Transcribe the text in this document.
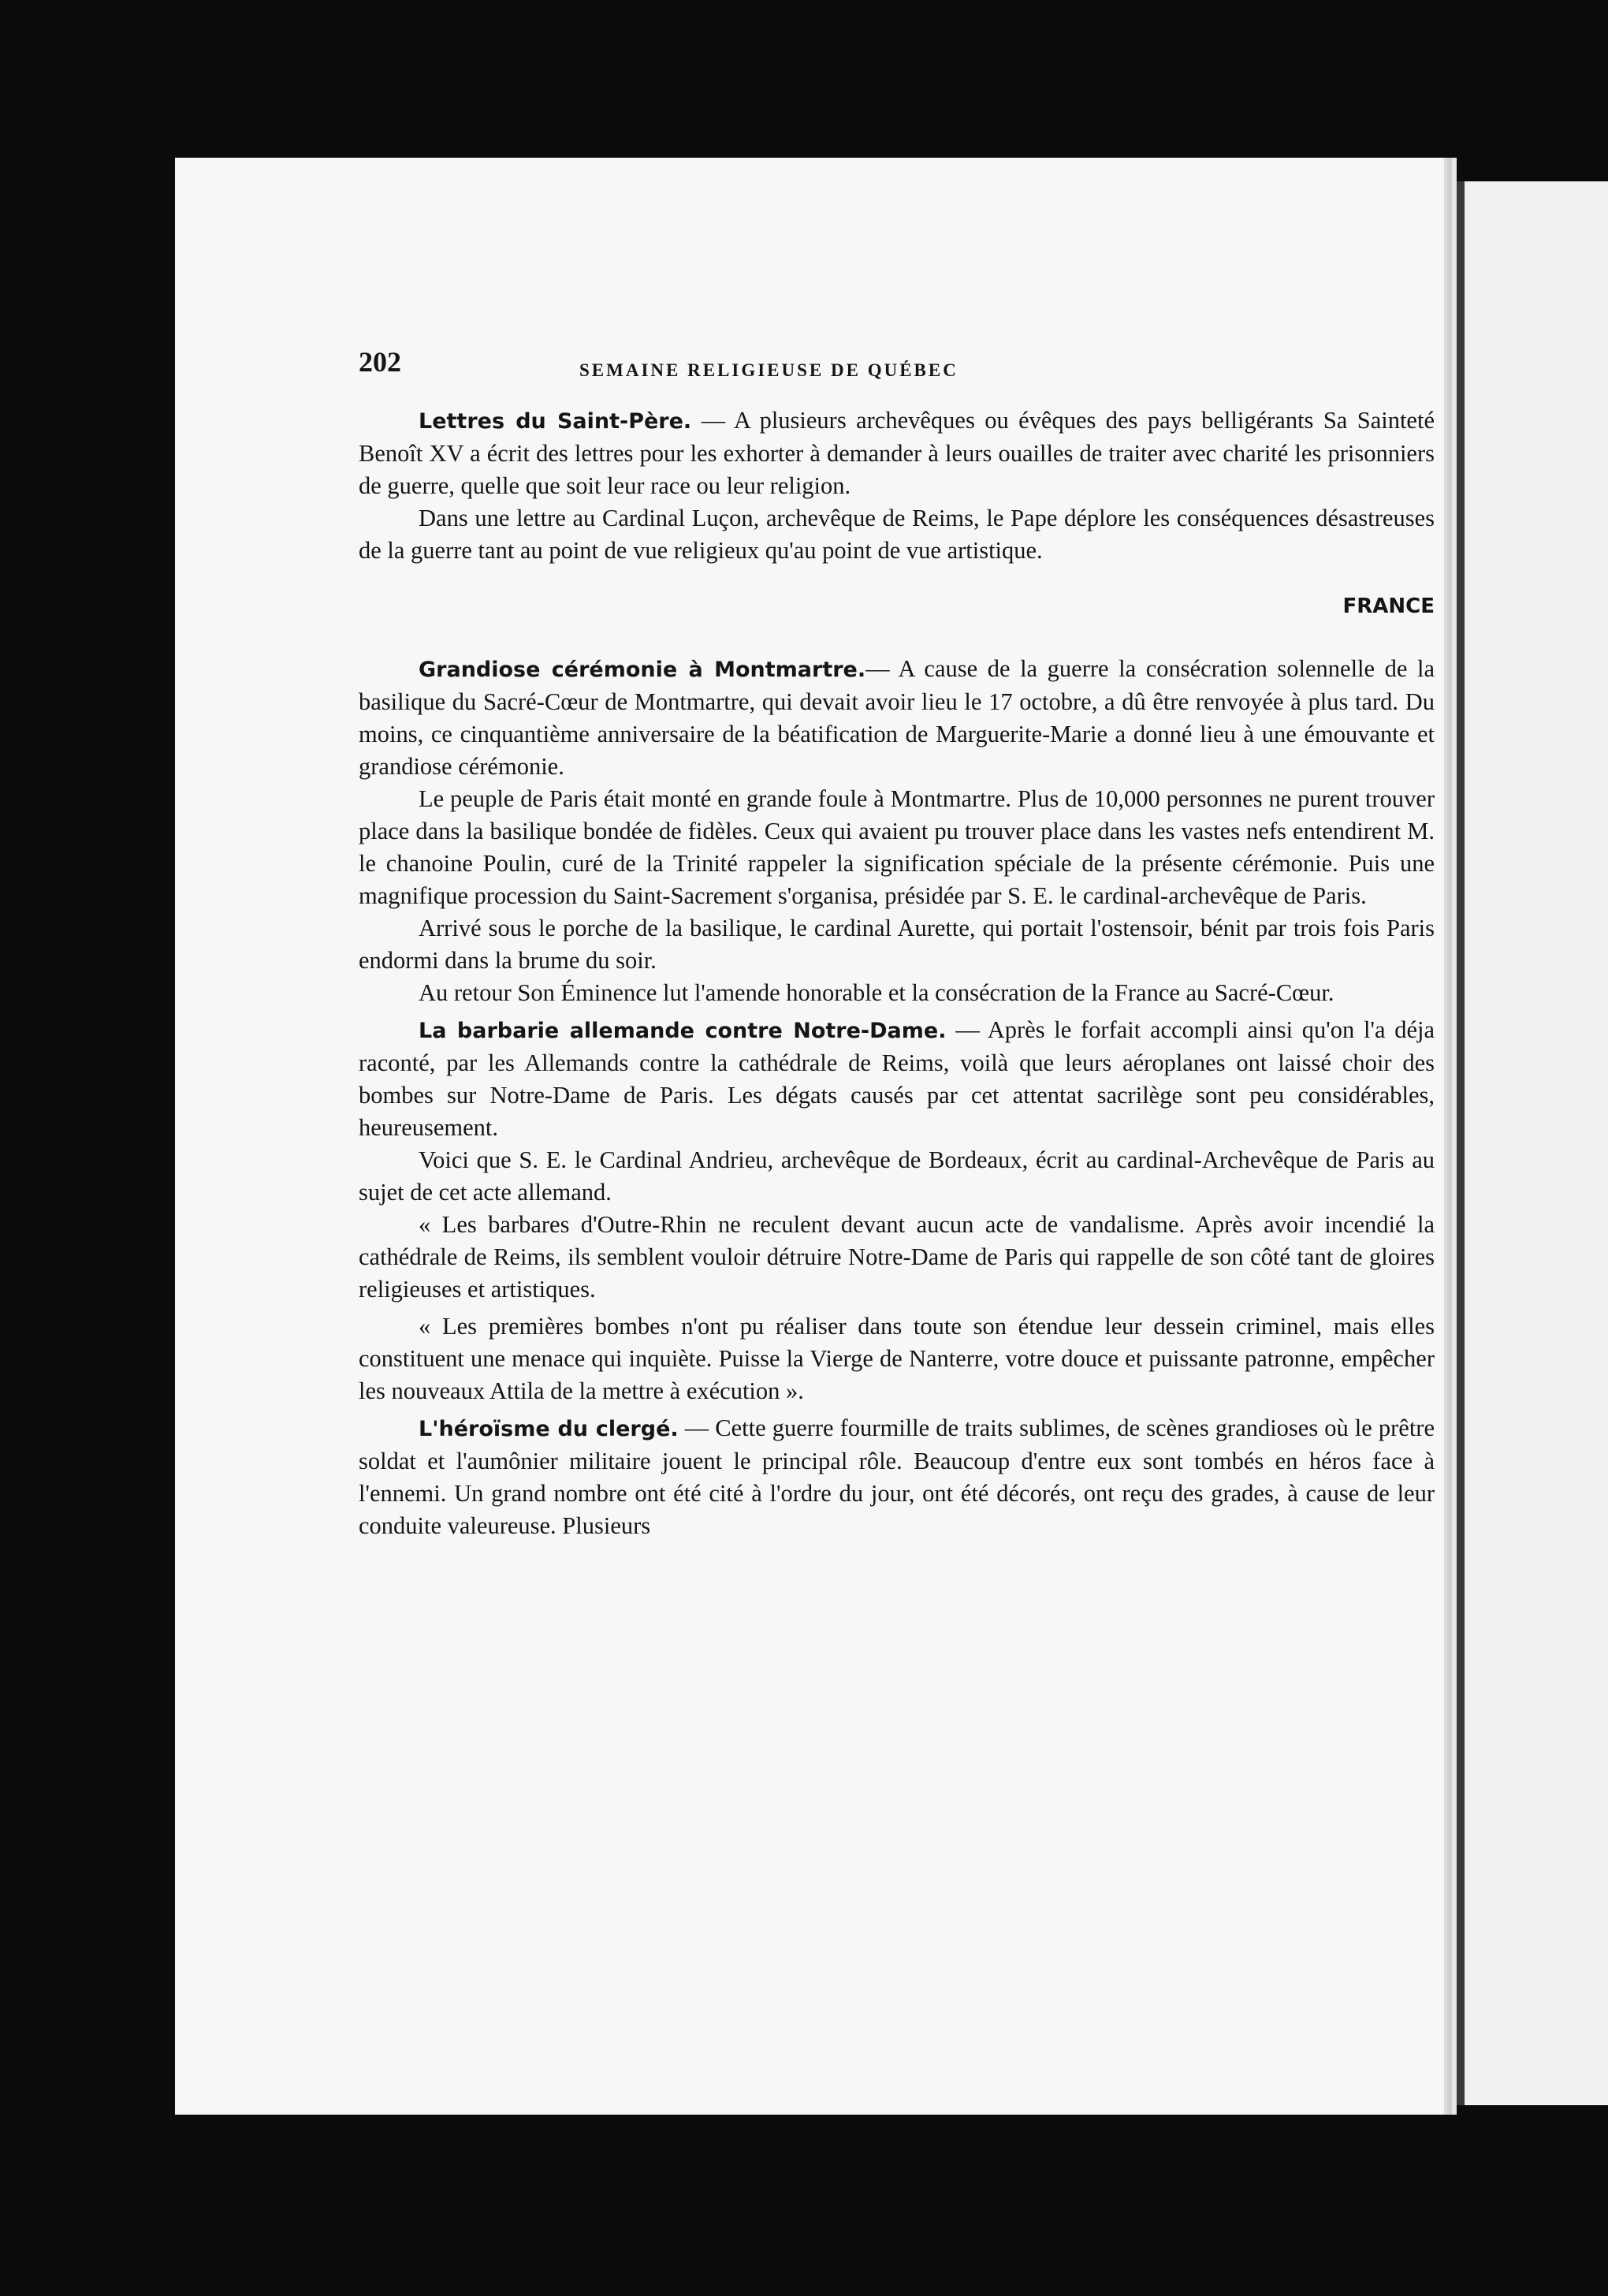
202	SEMAINE RELIGIEUSE DE QUÉBEC

Lettres du Saint-Père. — A plusieurs archevêques ou évêques des pays belligérants Sa Sainteté Benoît XV a écrit des lettres pour les exhorter à demander à leurs ouailles de traiter avec charité les prisonniers de guerre, quelle que soit leur race ou leur religion.

Dans une lettre au Cardinal Luçon, archevêque de Reims, le Pape déplore les conséquences désastreuses de la guerre tant au point de vue religieux qu'au point de vue artistique.

FRANCE

Grandiose cérémonie à Montmartre.— A cause de la guerre la consécration solennelle de la basilique du Sacré-Cœur de Montmartre, qui devait avoir lieu le 17 octobre, a dû être renvoyée à plus tard. Du moins, ce cinquantième anniversaire de la béatification de Marguerite-Marie a donné lieu à une émouvante et grandiose cérémonie.

Le peuple de Paris était monté en grande foule à Montmartre. Plus de 10,000 personnes ne purent trouver place dans la basilique bondée de fidèles. Ceux qui avaient pu trouver place dans les vastes nefs entendirent M. le chanoine Poulin, curé de la Trinité rappeler la signification spéciale de la présente cérémonie. Puis une magnifique procession du Saint-Sacrement s'organisa, présidée par S. E. le cardinal-archevêque de Paris.

Arrivé sous le porche de la basilique, le cardinal Aurette, qui portait l'ostensoir, bénit par trois fois Paris endormi dans la brume du soir.

Au retour Son Éminence lut l'amende honorable et la consécration de la France au Sacré-Cœur.

La barbarie allemande contre Notre-Dame. — Après le forfait accompli ainsi qu'on l'a déja raconté, par les Allemands contre la cathédrale de Reims, voilà que leurs aéroplanes ont laissé choir des bombes sur Notre-Dame de Paris. Les dégats causés par cet attentat sacrilège sont peu considérables, heureusement.

Voici que S. E. le Cardinal Andrieu, archevêque de Bordeaux, écrit au cardinal-Archevêque de Paris au sujet de cet acte allemand.

« Les barbares d'Outre-Rhin ne reculent devant aucun acte de vandalisme. Après avoir incendié la cathédrale de Reims, ils semblent vouloir détruire Notre-Dame de Paris qui rappelle de son côté tant de gloires religieuses et artistiques.

« Les premières bombes n'ont pu réaliser dans toute son étendue leur dessein criminel, mais elles constituent une menace qui inquiète. Puisse la Vierge de Nanterre, votre douce et puissante patronne, empêcher les nouveaux Attila de la mettre à exécution ».

L'héroïsme du clergé. — Cette guerre fourmille de traits sublimes, de scènes grandioses où le prêtre soldat et l'aumônier militaire jouent le principal rôle. Beaucoup d'entre eux sont tombés en héros face à l'ennemi. Un grand nombre ont été cité à l'ordre du jour, ont été décorés, ont reçu des grades, à cause de leur conduite valeureuse. Plusieurs
